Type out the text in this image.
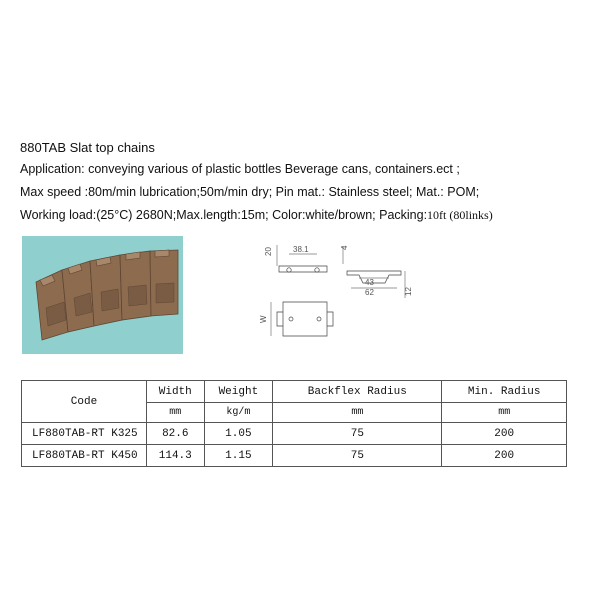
880TAB Slat top chains
Application: conveying various of plastic bottles Beverage cans, containers.ect ;
Max speed :80m/min lubrication;50m/min dry; Pin mat.: Stainless steel; Mat.: POM;
Working load:(25°C) 2680N;Max.length:15m; Color:white/brown; Packing:10ft (80links)
20	38.1	4
43
62	12
W
Code	Width	Weight	Backflex Radius	Min. Radius
	mm	kg/m	mm	mm
LF880TAB-RT K325	82.6	1.05	75	200
LF880TAB-RT K450	114.3	1.15	75	200
